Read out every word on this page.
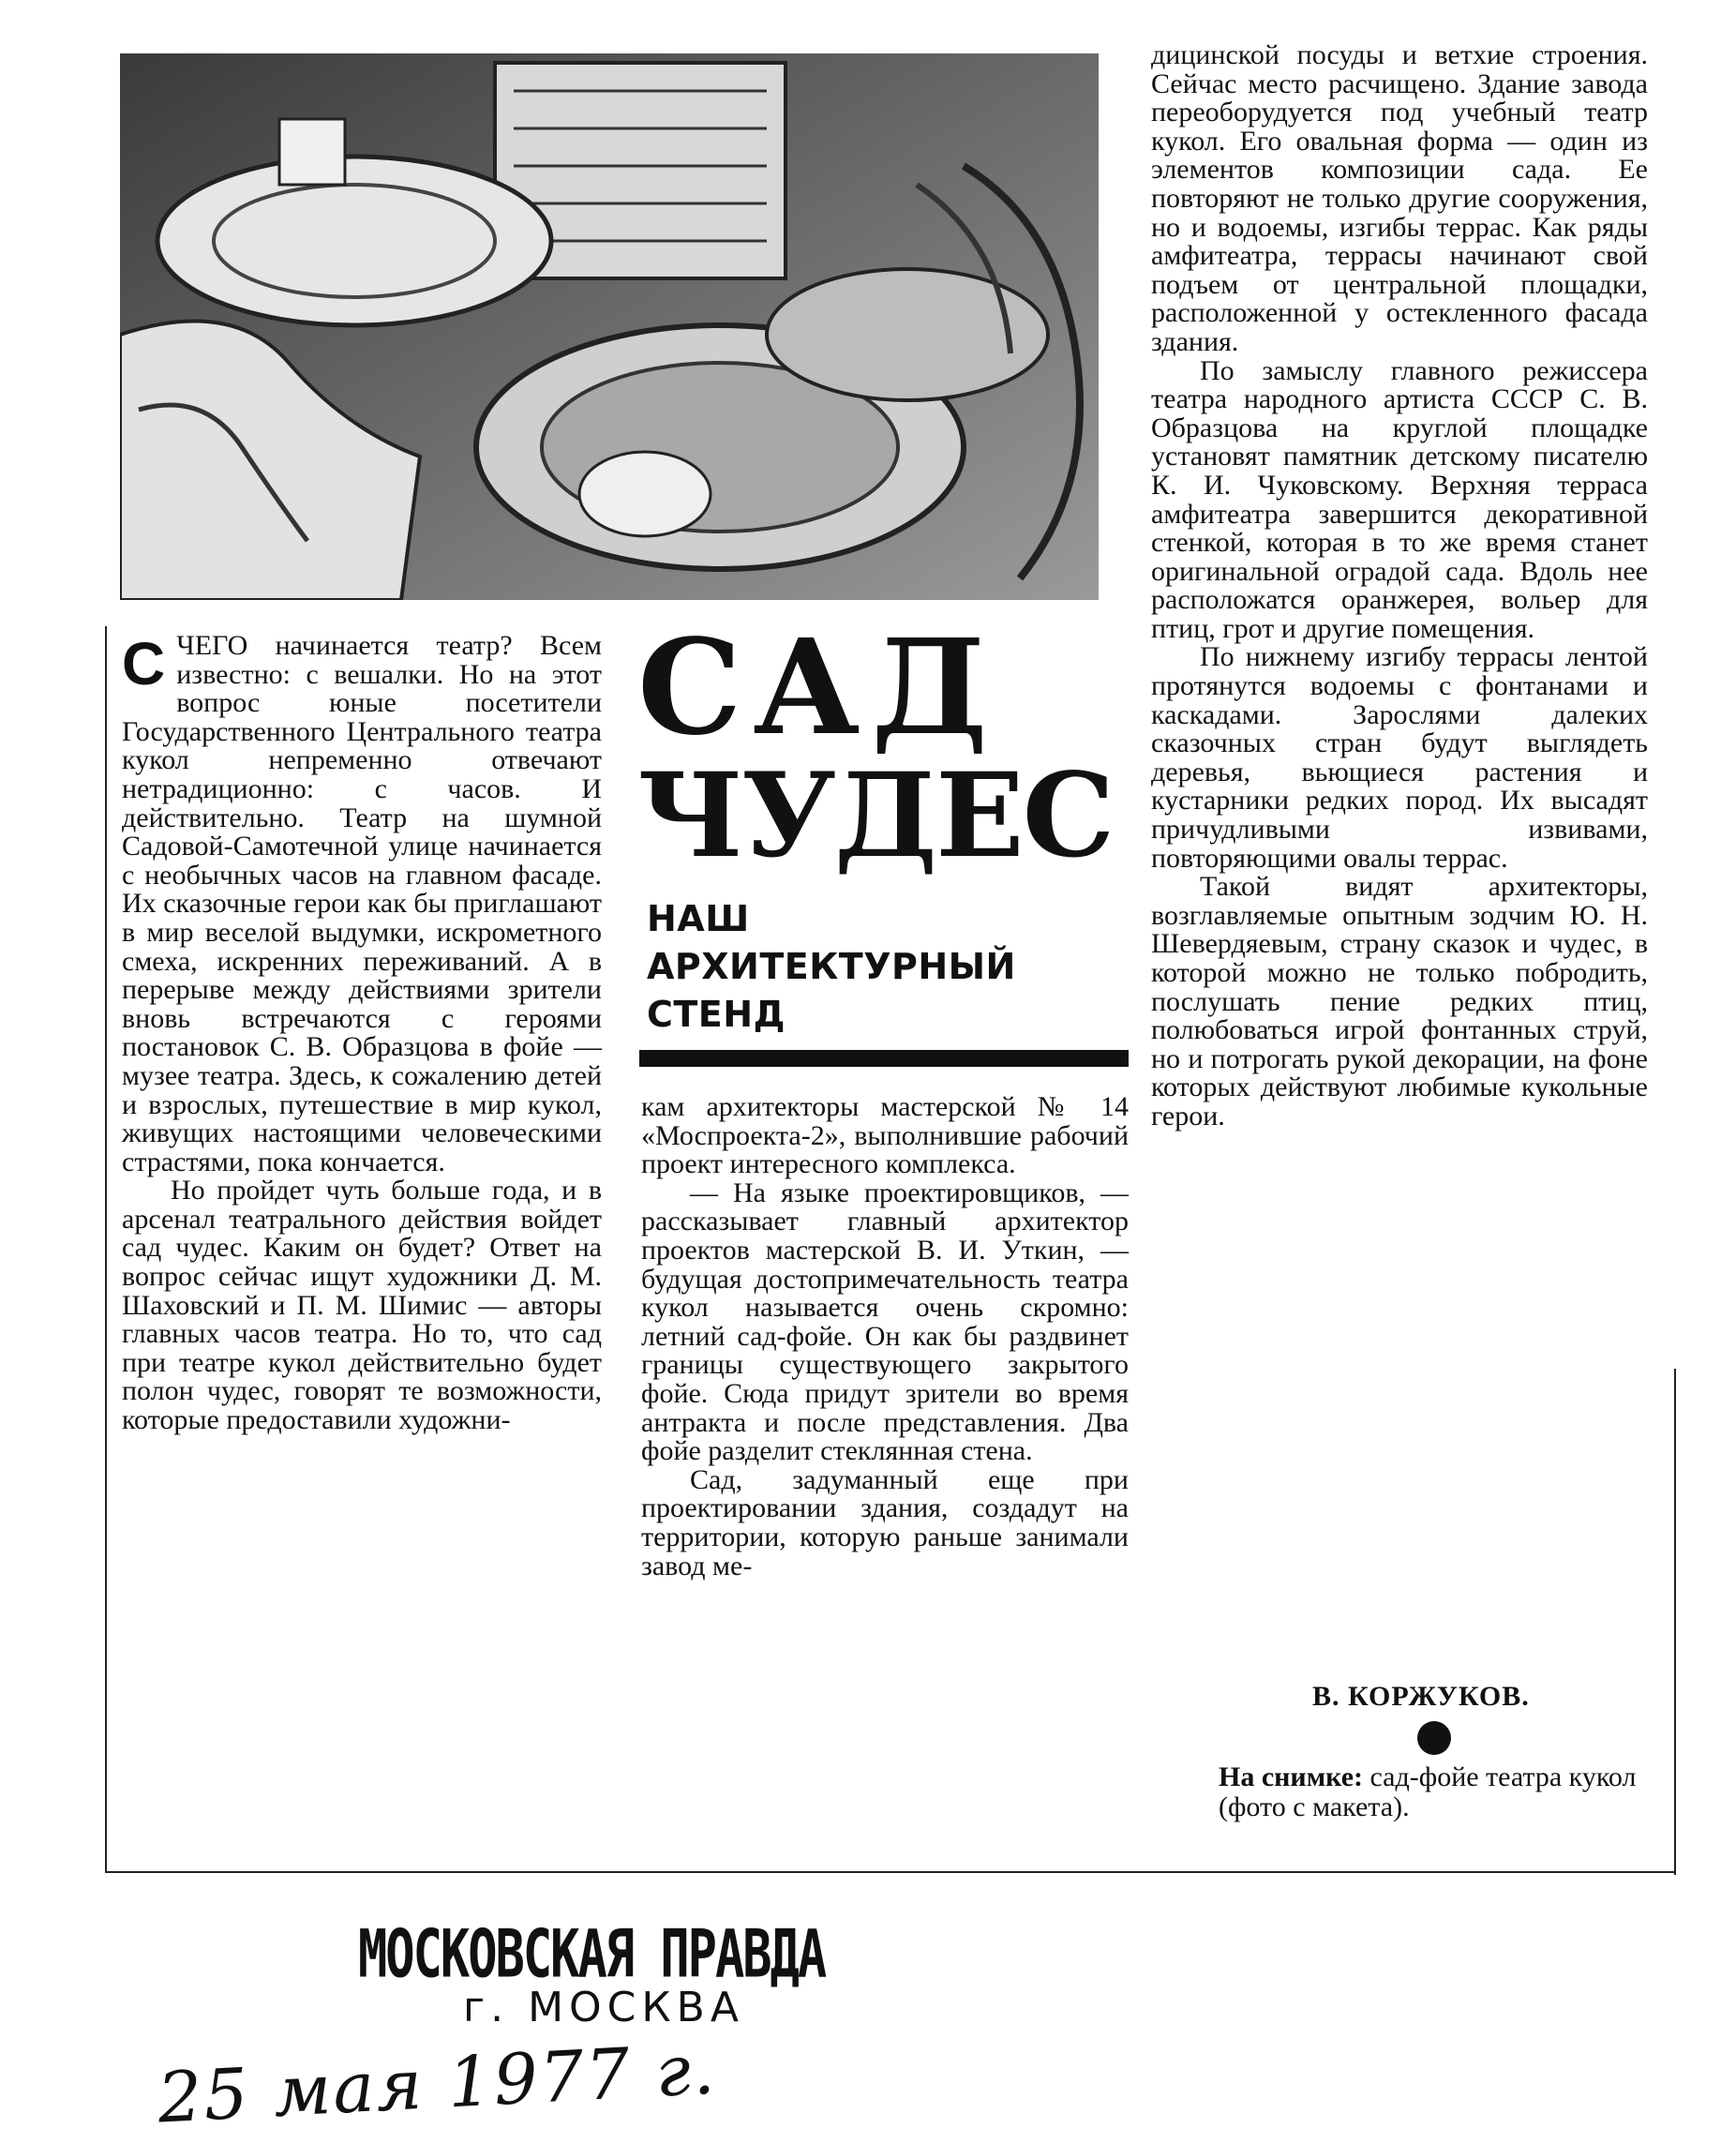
СЧЕГО начинается театр? Всем известно: с вешалки. Но на этот вопрос юные посетители Государственного Центрального театра кукол непременно отвечают нетрадиционно: с часов. И действительно. Театр на шумной Садовой-Самотечной улице начинается с необычных часов на главном фасаде. Их сказочные герои как бы приглашают в мир веселой выдумки, искрометного смеха, искренних переживаний. А в перерыве между действиями зрители вновь встречаются с героями постановок С. В. Образцова в фойе — музее театра. Здесь, к сожалению детей и взрослых, путешествие в мир кукол, живущих настоящими человеческими страстями, пока кончается.

Но пройдет чуть больше года, и в арсенал театрального действия войдет сад чудес. Каким он будет? Ответ на вопрос сейчас ищут художники Д. М. Шаховский и П. М. Шимис — авторы главных часов театра. Но то, что сад при театре кукол действительно будет полон чудес, говорят те возможности, которые предоставили художни-

САД
ЧУДЕС
НАШ
АРХИТЕКТУРНЫЙ
СТЕНД

кам архитекторы мастерской № 14 «Моспроекта-2», выполнившие рабочий проект интересного комплекса.

— На языке проектировщиков, — рассказывает главный архитектор проектов мастерской В. И. Уткин, — будущая достопримечательность театра кукол называется очень скромно: летний сад-фойе. Он как бы раздвинет границы существующего закрытого фойе. Сюда придут зрители во время антракта и после представления. Два фойе разделит стеклянная стена.

Сад, задуманный еще при проектировании здания, создадут на территории, которую раньше занимали завод ме-

дицинской посуды и ветхие строения. Сейчас место расчищено. Здание завода переоборудуется под учебный театр кукол. Его овальная форма — один из элементов композиции сада. Ее повторяют не только другие сооружения, но и водоемы, изгибы террас. Как ряды амфитеатра, террасы начинают свой подъем от центральной площадки, расположенной у остекленного фасада здания.

По замыслу главного режиссера театра народного артиста СССР С. В. Образцова на круглой площадке установят памятник детскому писателю К. И. Чуковскому. Верхняя терраса амфитеатра завершится декоративной стенкой, которая в то же время станет оригинальной оградой сада. Вдоль нее расположатся оранжерея, вольер для птиц, грот и другие помещения.

По нижнему изгибу террасы лентой протянутся водоемы с фонтанами и каскадами. Зарослями далеких сказочных стран будут выглядеть деревья, вьющиеся растения и кустарники редких пород. Их высадят причудливыми извивами, повторяющими овалы террас.

Такой видят архитекторы, возглавляемые опытным зодчим Ю. Н. Шевердяевым, страну сказок и чудес, в которой можно не только побродить, послушать пение редких птиц, полюбоваться игрой фонтанных струй, но и потрогать рукой декорации, на фоне которых действуют любимые кукольные герои.

В. КОРЖУКОВ.
На снимке: сад-фойе театра кукол (фото с макета).
МОСКОВСКАЯ ПРАВДА
г. МОСКВА
25 мая 1977 г.
